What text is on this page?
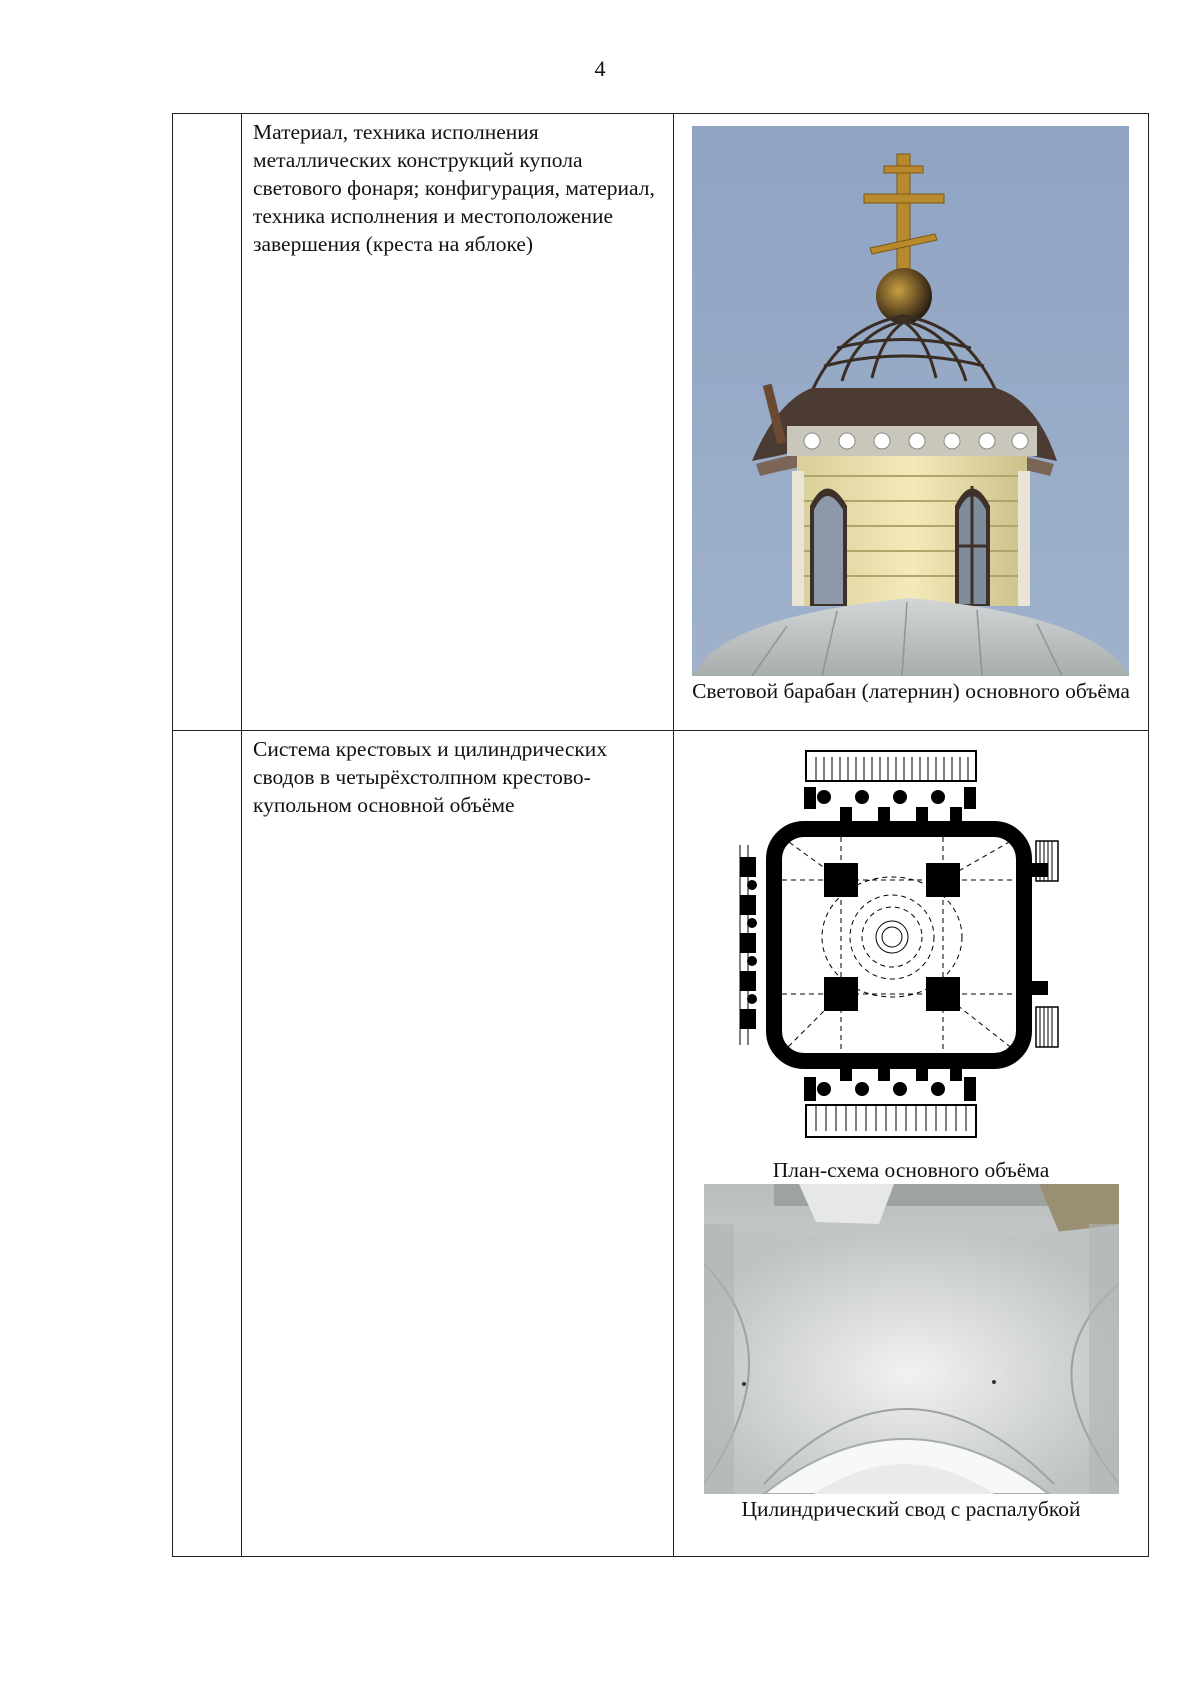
4

	Материал, техника исполнения металлических конструкций купола светового фонаря; конфигурация, материал, техника исполнения и местоположение завершения (креста на яблоке)	Световой барабан (латернин) основного объёма

	Система крестовых и цилиндрических сводов в четырёхстолпном крестово-купольном основной объёме	План-схема основного объёма
Цилиндрический свод с распалубкой
